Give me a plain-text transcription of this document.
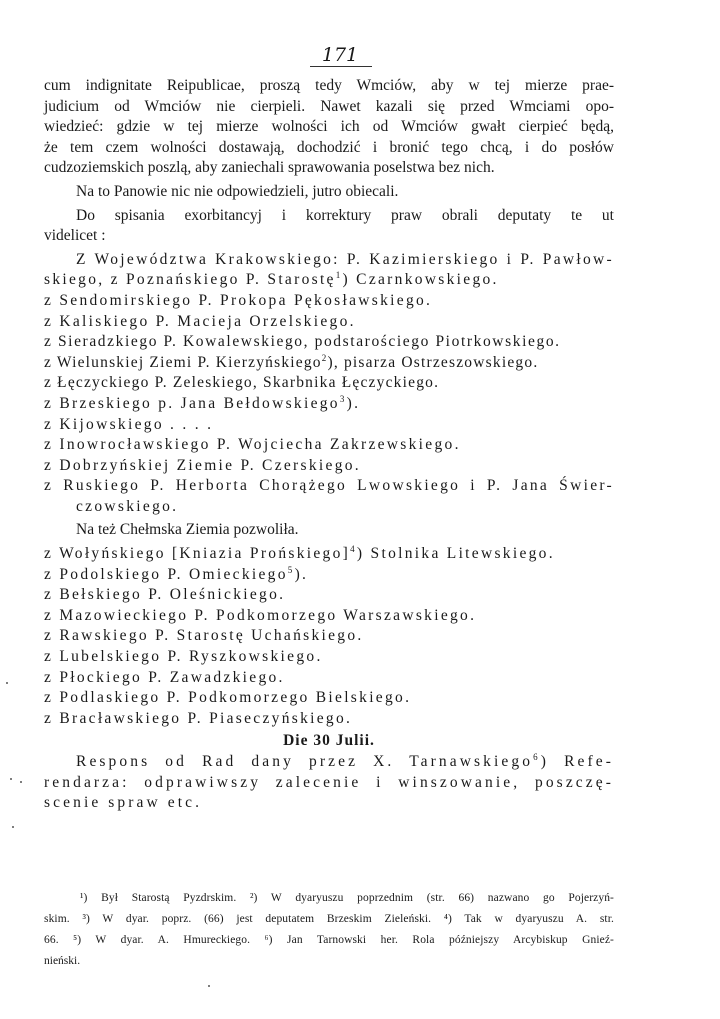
171
cum indignitate Reipublicae, proszą tedy Wmciów, aby w tej mierze prae-
judicium od Wmciów nie cierpieli. Nawet kazali się przed Wmciami opo-
wiedzieć: gdzie w tej mierze wolności ich od Wmciów gwałt cierpieć będą,
że tem czem wolności dostawają, dochodzić i bronić tego chcą, i do posłów
cudzoziemskich poszlą, aby zaniechali sprawowania poselstwa bez nich.
Na to Panowie nic nie odpowiedzieli, jutro obiecali.
Do spisania exorbitancyj i korrektury praw obrali deputaty te ut
videlicet :
Z Województwa Krakowskiego: P. Kazimierskiego i P. Pawłow-
skiego, z Poznańskiego P. Starostę$^1$) Czarnkowskiego.
z Sendomirskiego P. Prokopa Pękosławskiego.
z Kaliskiego P. Macieja Orzelskiego.
z Sieradzkiego P. Kowalewskiego, podstarościego Piotrkowskiego.
z Wielunskiej Ziemi P. Kierzyńskiego$^2$), pisarza Ostrzeszowskiego.
z Łęczyckiego P. Zeleskiego, Skarbnika Łęczyckiego.
z Brzeskiego p. Jana Bełdowskiego$^3$).
z Kijowskiego . . . .
z Inowrocławskiego P. Wojciecha Zakrzewskiego.
z Dobrzyńskiej Ziemie P. Czerskiego.
z Ruskiego P. Herborta Chorążego Lwowskiego i P. Jana Świer-
czowskiego.
Na też Chełmska Ziemia pozwoliła.
z Wołyńskiego [Kniazia Prońskiego]$^4$) Stolnika Litewskiego.
z Podolskiego P. Omieckiego$^5$).
z Bełskiego P. Oleśnickiego.
z Mazowieckiego P. Podkomorzego Warszawskiego.
z Rawskiego P. Starostę Uchańskiego.
z Lubelskiego P. Ryszkowskiego.
z Płockiego P. Zawadzkiego.
z Podlaskiego P. Podkomorzego Bielskiego.
z Bracławskiego P. Piaseczyńskiego.
Die 30 Julii.
Respons od Rad dany przez X. Tarnawskiego$^6$) Refe-
rendarza: odprawiwszy zalecenie i winszowanie, poszczę-
scenie spraw etc.
¹) Był Starostą Pyzdrskim. ²) W dyaryuszu poprzednim (str. 66) nazwano go Pojerzyń-
skim. ³) W dyar. poprz. (66) jest deputatem Brzeskim Zieleński. ⁴) Tak w dyaryuszu A. str.
66. ⁵) W dyar. A. Hmureckiego. ⁶) Jan Tarnowski her. Rola późniejszy Arcybiskup Gnieź-
nieński.
